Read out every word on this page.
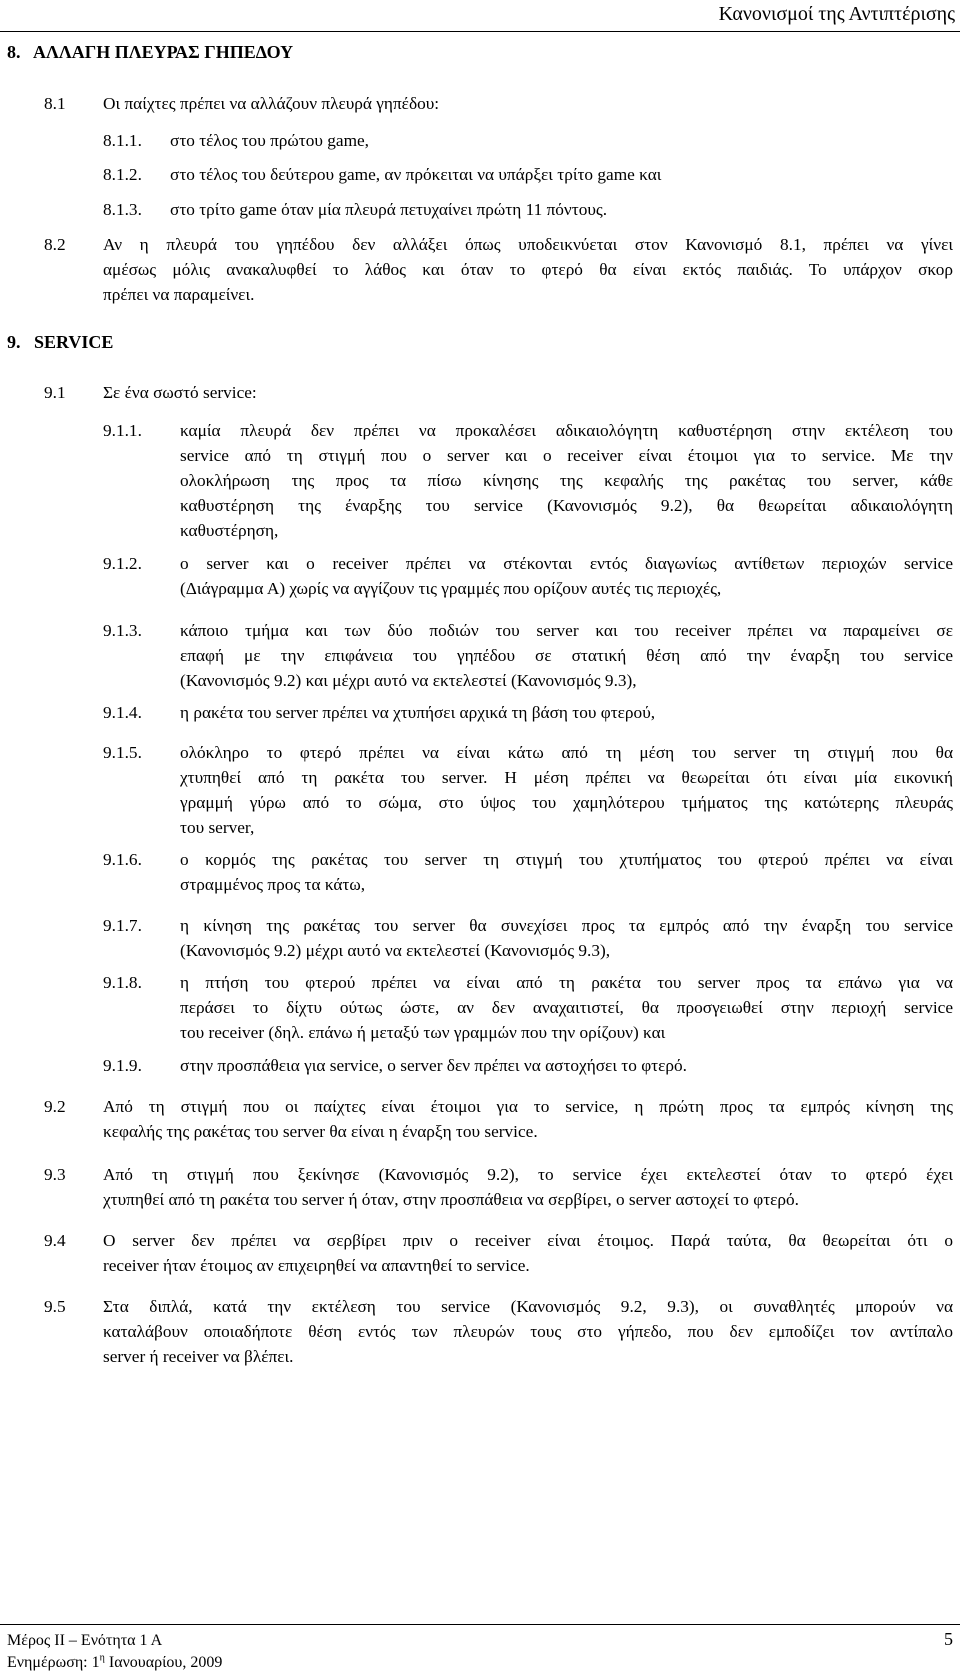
Κανονισμοί της Αντιπτέρισης
8.   ΑΛΛΑΓΗ ΠΛΕΥΡΑΣ ΓΗΠΕΔΟΥ
8.1 Οι παίχτες πρέπει να αλλάζουν πλευρά γηπέδου:
8.1.1. στο τέλος του πρώτου game,
8.1.2. στο τέλος του δεύτερου game, αν πρόκειται να υπάρξει τρίτο game και
8.1.3. στο τρίτο game όταν μία πλευρά πετυχαίνει πρώτη 11 πόντους.
8.2 Αν η πλευρά του γηπέδου δεν αλλάξει όπως υποδεικνύεται στον Κανονισμό 8.1, πρέπει να γίνει
αμέσως μόλις ανακαλυφθεί το λάθος και όταν το φτερό θα είναι εκτός παιδιάς. Το υπάρχον σκορ
πρέπει να παραμείνει.
9.   SERVICE
9.1 Σε ένα σωστό service:
9.1.1. καμία πλευρά δεν πρέπει να προκαλέσει αδικαιολόγητη καθυστέρηση στην εκτέλεση του
service από τη στιγμή που ο server και ο receiver είναι έτοιμοι για το service. Με την
ολοκλήρωση της προς τα πίσω κίνησης της κεφαλής της ρακέτας του server, κάθε
καθυστέρηση της έναρξης του service (Κανονισμός 9.2), θα θεωρείται αδικαιολόγητη
καθυστέρηση,
9.1.2. ο server και ο receiver πρέπει να στέκονται εντός διαγωνίως αντίθετων περιοχών service
(Διάγραμμα Α) χωρίς να αγγίζουν τις γραμμές που ορίζουν αυτές τις περιοχές,
9.1.3. κάποιο τμήμα και των δύο ποδιών του server και του receiver πρέπει να παραμείνει σε
επαφή με την επιφάνεια του γηπέδου σε στατική θέση από την έναρξη του service
(Κανονισμός 9.2) και μέχρι αυτό να εκτελεστεί (Κανονισμός 9.3),
9.1.4. η ρακέτα του server πρέπει να χτυπήσει αρχικά τη βάση του φτερού,
9.1.5. ολόκληρο το φτερό πρέπει να είναι κάτω από τη μέση του server τη στιγμή που θα
χτυπηθεί από τη ρακέτα του server. Η μέση πρέπει να θεωρείται ότι είναι μία εικονική
γραμμή γύρω από το σώμα, στο ύψος του χαμηλότερου τμήματος της κατώτερης πλευράς
του server,
9.1.6. ο κορμός της ρακέτας του server τη στιγμή του χτυπήματος του φτερού πρέπει να είναι
στραμμένος προς τα κάτω,
9.1.7. η κίνηση της ρακέτας του server θα συνεχίσει προς τα εμπρός από την έναρξη του service
(Κανονισμός 9.2) μέχρι αυτό να εκτελεστεί (Κανονισμός 9.3),
9.1.8. η πτήση του φτερού πρέπει να είναι από τη ρακέτα του server προς τα επάνω για να
περάσει το δίχτυ ούτως ώστε, αν δεν αναχαιτιστεί, θα προσγειωθεί στην περιοχή service
του receiver (δηλ. επάνω ή μεταξύ των γραμμών που την ορίζουν) και
9.1.9. στην προσπάθεια για service, ο server δεν πρέπει να αστοχήσει το φτερό.
9.2 Από τη στιγμή που οι παίχτες είναι έτοιμοι για το service, η πρώτη προς τα εμπρός κίνηση της
κεφαλής της ρακέτας του server θα είναι η έναρξη του service.
9.3 Από τη στιγμή που ξεκίνησε (Κανονισμός 9.2), το service έχει εκτελεστεί όταν το φτερό έχει
χτυπηθεί από τη ρακέτα του server ή όταν, στην προσπάθεια να σερβίρει, ο server αστοχεί το φτερό.
9.4 Ο server δεν πρέπει να σερβίρει πριν ο receiver είναι έτοιμος. Παρά ταύτα, θα θεωρείται ότι ο
receiver ήταν έτοιμος αν επιχειρηθεί να απαντηθεί το service.
9.5 Στα διπλά, κατά την εκτέλεση του service (Κανονισμός 9.2, 9.3), οι συναθλητές μπορούν να
καταλάβουν οποιαδήποτε θέση εντός των πλευρών τους στο γήπεδο, που δεν εμποδίζει τον αντίπαλο
server ή receiver να βλέπει.
Μέρος ΙΙ – Ενότητα 1 Α	5
Ενημέρωση: $1^\eta$ Ιανουαρίου, 2009
